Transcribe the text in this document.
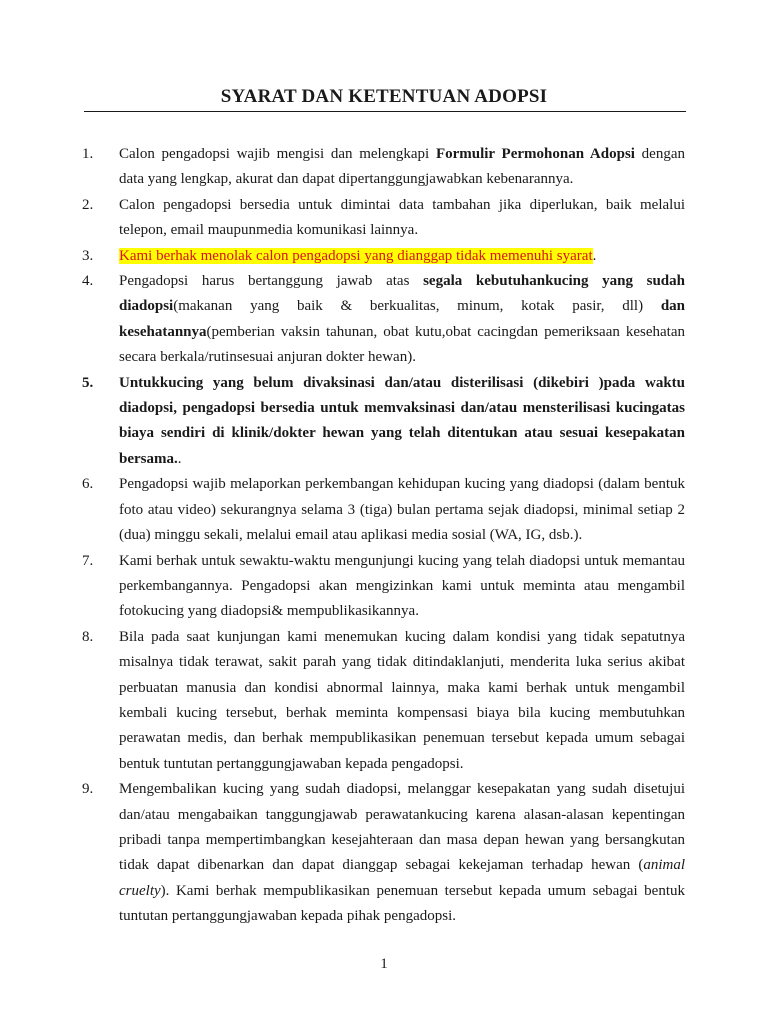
SYARAT DAN KETENTUAN ADOPSI
1.	Calon pengadopsi wajib mengisi dan melengkapi Formulir Permohonan Adopsi dengan data yang lengkap, akurat dan dapat dipertanggungjawabkan kebenarannya.
2.	Calon pengadopsi bersedia untuk dimintai data tambahan jika diperlukan, baik melalui telepon, email maupunmedia komunikasi lainnya.
3.	Kami berhak menolak calon pengadopsi yang dianggap tidak memenuhi syarat.
4.	Pengadopsi harus bertanggung jawab atas segala kebutuhankucing yang sudah diadopsi(makanan yang baik & berkualitas, minum, kotak pasir, dll) dan kesehatannya(pemberian vaksin tahunan, obat kutu,obat cacingdan pemeriksaan kesehatan secara berkala/rutinsesuai anjuran dokter hewan).
5.	Untukkucing yang belum divaksinasi dan/atau disterilisasi (dikebiri )pada waktu diadopsi, pengadopsi bersedia untuk memvaksinasi dan/atau mensterilisasi kucingatas biaya sendiri di klinik/dokter hewan yang telah ditentukan atau sesuai kesepakatan bersama..
6.	Pengadopsi wajib melaporkan perkembangan kehidupan kucing yang diadopsi (dalam bentuk foto atau video) sekurangnya selama 3 (tiga) bulan pertama sejak diadopsi, minimal setiap 2 (dua) minggu sekali, melalui email atau aplikasi media sosial (WA, IG, dsb.).
7.	Kami berhak untuk sewaktu-waktu mengunjungi kucing yang telah diadopsi untuk memantau perkembangannya. Pengadopsi akan mengizinkan kami untuk meminta atau mengambil fotokucing yang diadopsi& mempublikasikannya.
8.	Bila pada saat kunjungan kami menemukan kucing dalam kondisi yang tidak sepatutnya misalnya tidak terawat, sakit parah yang tidak ditindaklanjuti, menderita luka serius akibat perbuatan manusia dan kondisi abnormal lainnya, maka kami berhak untuk mengambil kembali kucing tersebut, berhak meminta kompensasi biaya bila kucing membutuhkan perawatan medis, dan berhak mempublikasikan penemuan tersebut kepada umum sebagai bentuk tuntutan pertanggungjawaban kepada pengadopsi.
9.	Mengembalikan kucing yang sudah diadopsi, melanggar kesepakatan yang sudah disetujui dan/atau mengabaikan tanggungjawab perawatankucing karena alasan-alasan kepentingan pribadi tanpa mempertimbangkan kesejahteraan dan masa depan hewan yang bersangkutan tidak dapat dibenarkan dan dapat dianggap sebagai kekejaman terhadap hewan (animal cruelty). Kami berhak mempublikasikan penemuan tersebut kepada umum sebagai bentuk tuntutan pertanggungjawaban kepada pihak pengadopsi.
1
